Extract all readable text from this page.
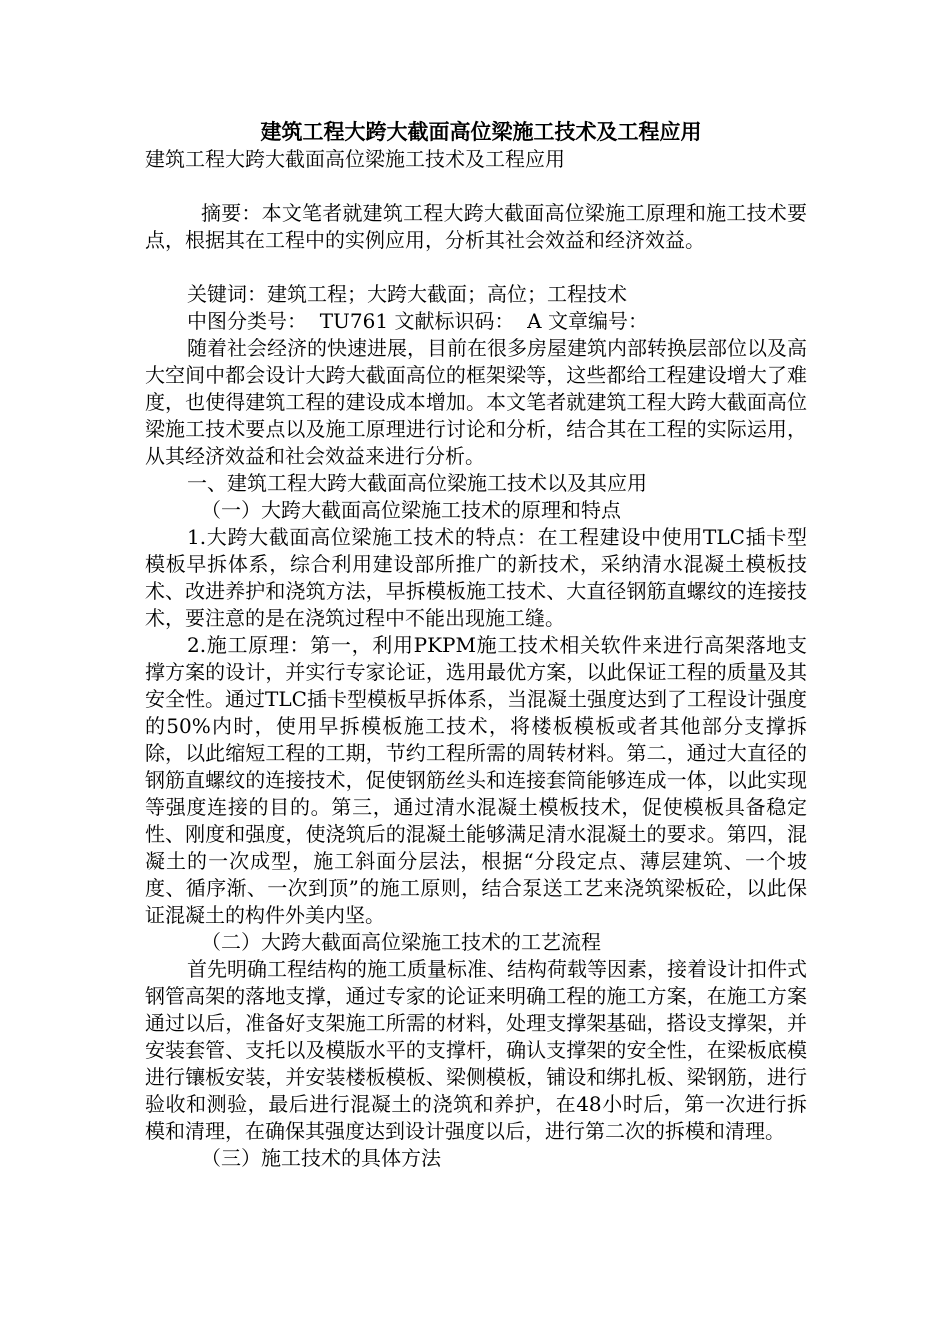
建筑工程大跨大截面高位梁施工技术及工程应用

建筑工程大跨大截面高位梁施工技术及工程应用

摘要：本文笔者就建筑工程大跨大截面高位梁施工原理和施工技术要点，根据其在工程中的实例应用，分析其社会效益和经济效益。

关键词：建筑工程；大跨大截面；高位；工程技术

中图分类号：  TU761 文献标识码：  A 文章编号：

随着社会经济的快速进展，目前在很多房屋建筑内部转换层部位以及高大空间中都会设计大跨大截面高位的框架梁等，这些都给工程建设增大了难度，也使得建筑工程的建设成本增加。本文笔者就建筑工程大跨大截面高位梁施工技术要点以及施工原理进行讨论和分析，结合其在工程的实际运用，从其经济效益和社会效益来进行分析。

一、建筑工程大跨大截面高位梁施工技术以及其应用

（一）大跨大截面高位梁施工技术的原理和特点

1.大跨大截面高位梁施工技术的特点：在工程建设中使用TLC插卡型模板早拆体系，综合利用建设部所推广的新技术，采纳清水混凝土模板技术、改进养护和浇筑方法，早拆模板施工技术、大直径钢筋直螺纹的连接技术，要注意的是在浇筑过程中不能出现施工缝。

2.施工原理：第一，利用PKPM施工技术相关软件来进行高架落地支撑方案的设计，并实行专家论证，选用最优方案，以此保证工程的质量及其安全性。通过TLC插卡型模板早拆体系，当混凝土强度达到了工程设计强度的50%内时，使用早拆模板施工技术，将楼板模板或者其他部分支撑拆除，以此缩短工程的工期，节约工程所需的周转材料。第二，通过大直径的钢筋直螺纹的连接技术，促使钢筋丝头和连接套筒能够连成一体，以此实现等强度连接的目的。第三，通过清水混凝土模板技术，促使模板具备稳定性、刚度和强度，使浇筑后的混凝土能够满足清水混凝土的要求。第四，混凝土的一次成型，施工斜面分层法，根据“分段定点、薄层建筑、一个坡度、循序渐、一次到顶”的施工原则，结合泵送工艺来浇筑梁板砼，以此保证混凝土的构件外美内坚。

（二）大跨大截面高位梁施工技术的工艺流程

首先明确工程结构的施工质量标准、结构荷载等因素，接着设计扣件式钢管高架的落地支撑，通过专家的论证来明确工程的施工方案，在施工方案通过以后，准备好支架施工所需的材料，处理支撑架基础，搭设支撑架，并安装套管、支托以及模版水平的支撑杆，确认支撑架的安全性，在梁板底模进行镶板安装，并安装楼板模板、梁侧模板，铺设和绑扎板、梁钢筋，进行验收和测验，最后进行混凝土的浇筑和养护，在48小时后，第一次进行拆模和清理，在确保其强度达到设计强度以后，进行第二次的拆模和清理。

（三）施工技术的具体方法
